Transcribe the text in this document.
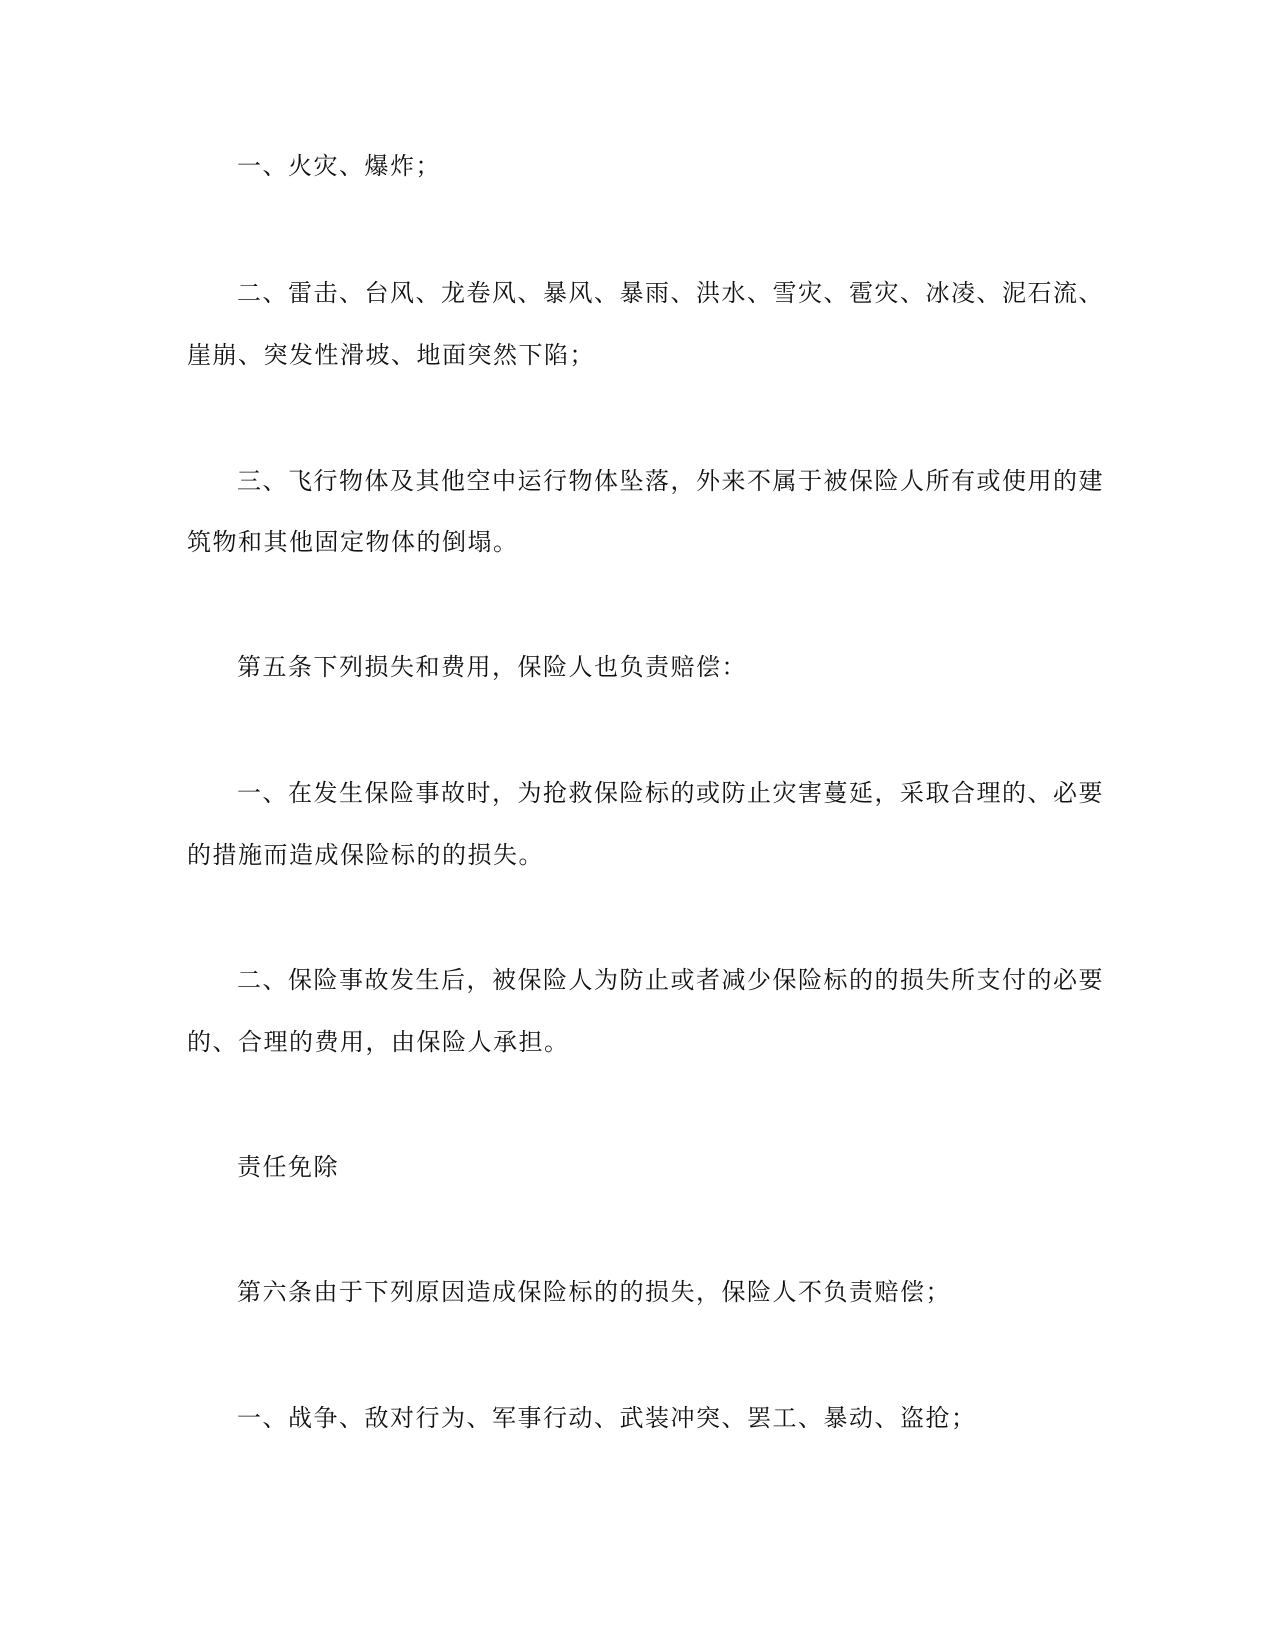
一、火灾、爆炸；
二、雷击、台风、龙卷风、暴风、暴雨、洪水、雪灾、雹灾、冰凌、泥石流、
崖崩、突发性滑坡、地面突然下陷；
三、飞行物体及其他空中运行物体坠落，外来不属于被保险人所有或使用的建
筑物和其他固定物体的倒塌。
第五条下列损失和费用，保险人也负责赔偿：
一、在发生保险事故时，为抢救保险标的或防止灾害蔓延，采取合理的、必要
的措施而造成保险标的的损失。
二、保险事故发生后，被保险人为防止或者减少保险标的的损失所支付的必要
的、合理的费用，由保险人承担。
责任免除
第六条由于下列原因造成保险标的的损失，保险人不负责赔偿；
一、战争、敌对行为、军事行动、武装冲突、罢工、暴动、盗抢；
